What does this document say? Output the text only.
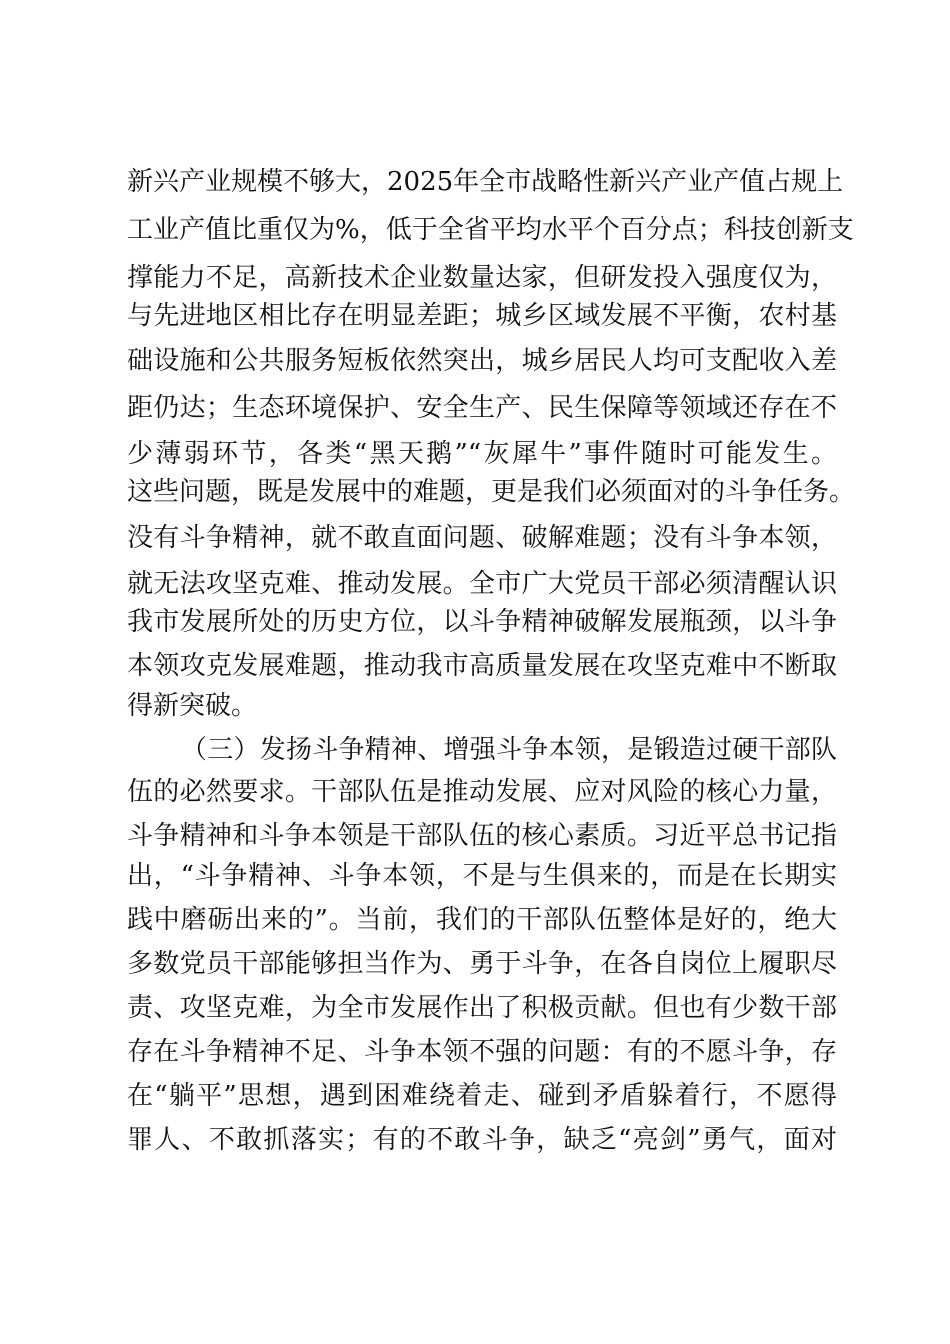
新兴产业规模不够大，2025年全市战略性新兴产业产值占规上
工业产值比重仅为%，低于全省平均水平个百分点；科技创新支
撑能力不足，高新技术企业数量达家，但研发投入强度仅为，
与先进地区相比存在明显差距；城乡区域发展不平衡，农村基
础设施和公共服务短板依然突出，城乡居民人均可支配收入差
距仍达；生态环境保护、安全生产、民生保障等领域还存在不
少薄弱环节，各类“黑天鹅”“灰犀牛”事件随时可能发生。
这些问题，既是发展中的难题，更是我们必须面对的斗争任务。
没有斗争精神，就不敢直面问题、破解难题；没有斗争本领，
就无法攻坚克难、推动发展。全市广大党员干部必须清醒认识
我市发展所处的历史方位，以斗争精神破解发展瓶颈，以斗争
本领攻克发展难题，推动我市高质量发展在攻坚克难中不断取
得新突破。
（三）发扬斗争精神、增强斗争本领，是锻造过硬干部队
伍的必然要求。干部队伍是推动发展、应对风险的核心力量，
斗争精神和斗争本领是干部队伍的核心素质。习近平总书记指
出，“斗争精神、斗争本领，不是与生俱来的，而是在长期实
践中磨砺出来的”。当前，我们的干部队伍整体是好的，绝大
多数党员干部能够担当作为、勇于斗争，在各自岗位上履职尽
责、攻坚克难，为全市发展作出了积极贡献。但也有少数干部
存在斗争精神不足、斗争本领不强的问题：有的不愿斗争，存
在“躺平”思想，遇到困难绕着走、碰到矛盾躲着行，不愿得
罪人、不敢抓落实；有的不敢斗争，缺乏“亮剑”勇气，面对
